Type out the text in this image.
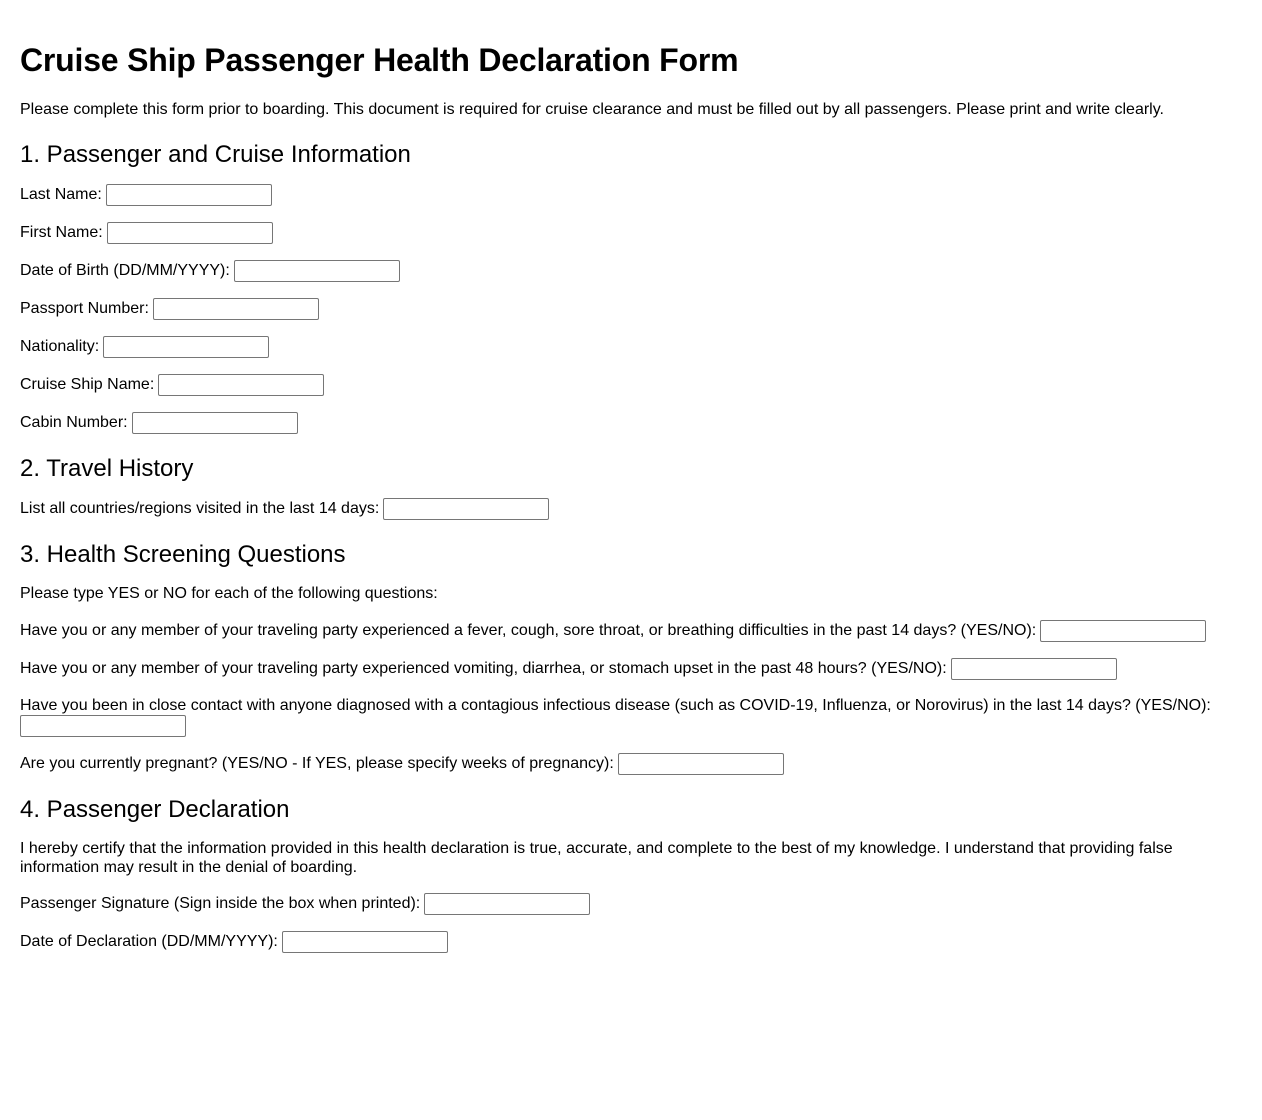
Cruise Ship Passenger Health Declaration Form

Please complete this form prior to boarding. This document is required for cruise clearance and must be filled out by all passengers. Please print and write clearly.

1. Passenger and Cruise Information
Last Name:
First Name:
Date of Birth (DD/MM/YYYY):
Passport Number:
Nationality:
Cruise Ship Name:
Cabin Number:
2. Travel History
List all countries/regions visited in the last 14 days:
3. Health Screening Questions

Please type YES or NO for each of the following questions:

Have you or any member of your traveling party experienced a fever, cough, sore throat, or breathing difficulties in the past 14 days? (YES/NO):
Have you or any member of your traveling party experienced vomiting, diarrhea, or stomach upset in the past 48 hours? (YES/NO):
Have you been in close contact with anyone diagnosed with a contagious infectious disease (such as COVID-19, Influenza, or Norovirus) in the last 14 days? (YES/NO):

Are you currently pregnant? (YES/NO - If YES, please specify weeks of pregnancy):
4. Passenger Declaration

I hereby certify that the information provided in this health declaration is true, accurate, and complete to the best of my knowledge. I understand that providing false information may result in the denial of boarding.

Passenger Signature (Sign inside the box when printed):
Date of Declaration (DD/MM/YYYY):
